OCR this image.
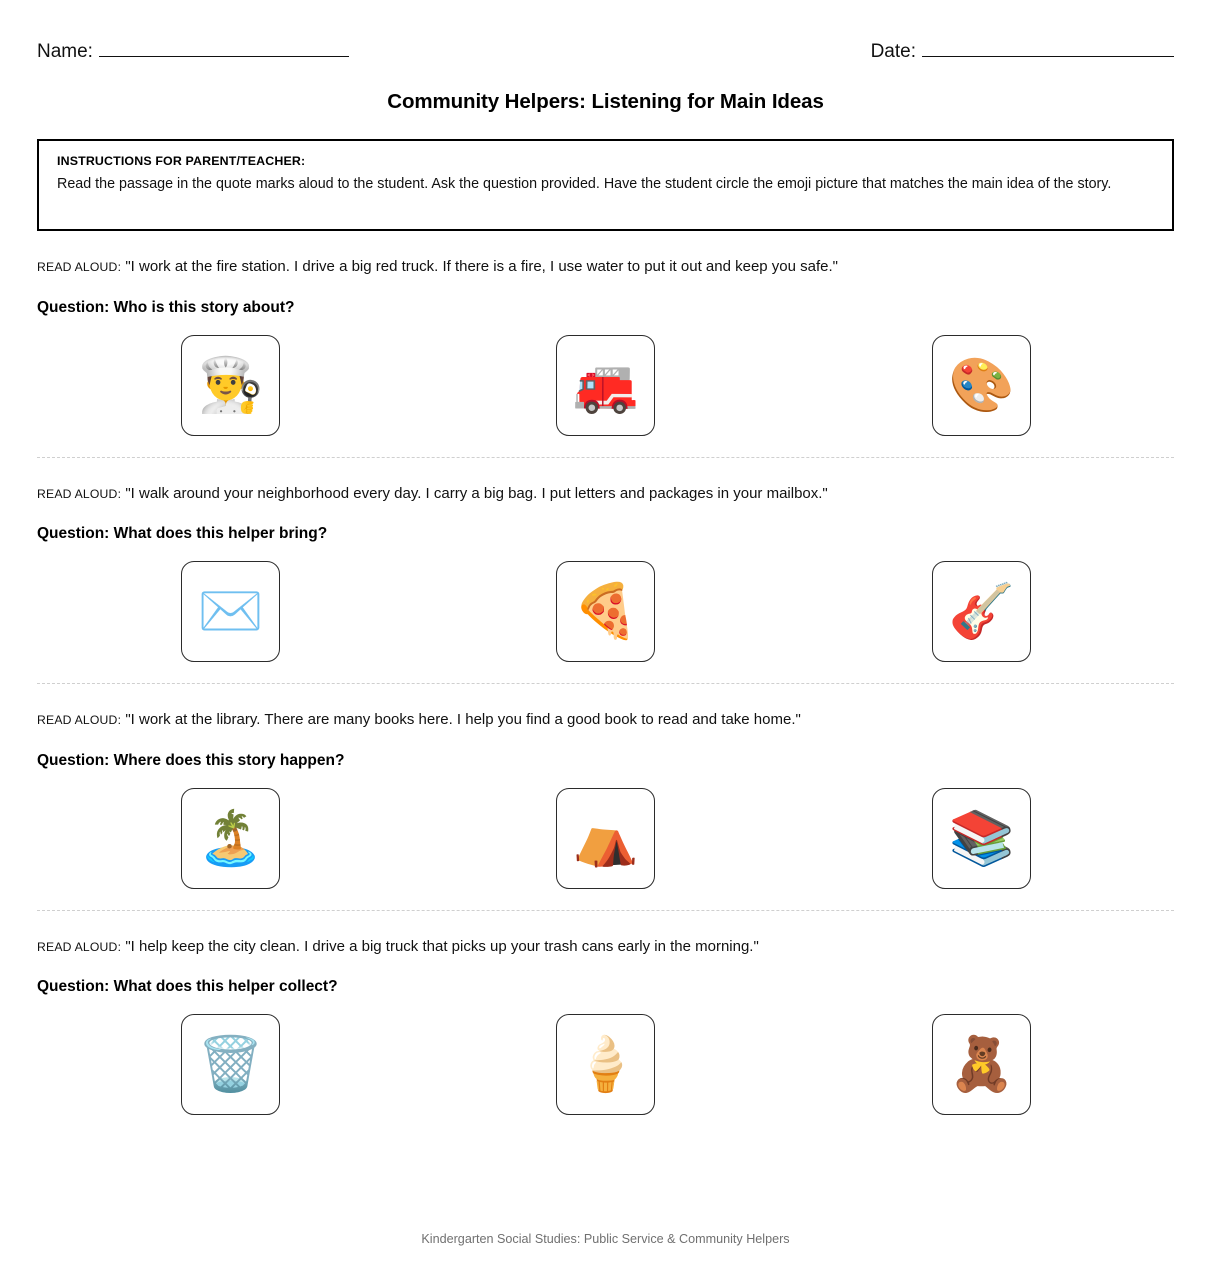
Name:	Date:
Community Helpers: Listening for Main Ideas
INSTRUCTIONS FOR PARENT/TEACHER:
Read the passage in the quote marks aloud to the student. Ask the question provided. Have the student circle the emoji picture that matches the main idea of the story.
READ ALOUD: "I work at the fire station. I drive a big red truck. If there is a fire, I use water to put it out and keep you safe."
Question: Who is this story about?
👨‍🍳	🚒	🎨
READ ALOUD: "I walk around your neighborhood every day. I carry a big bag. I put letters and packages in your mailbox."
Question: What does this helper bring?
✉️	🍕	🎸
READ ALOUD: "I work at the library. There are many books here. I help you find a good book to read and take home."
Question: Where does this story happen?
🏝️	⛺	📚
READ ALOUD: "I help keep the city clean. I drive a big truck that picks up your trash cans early in the morning."
Question: What does this helper collect?
🗑️	🍦	🧸
Kindergarten Social Studies: Public Service & Community Helpers
